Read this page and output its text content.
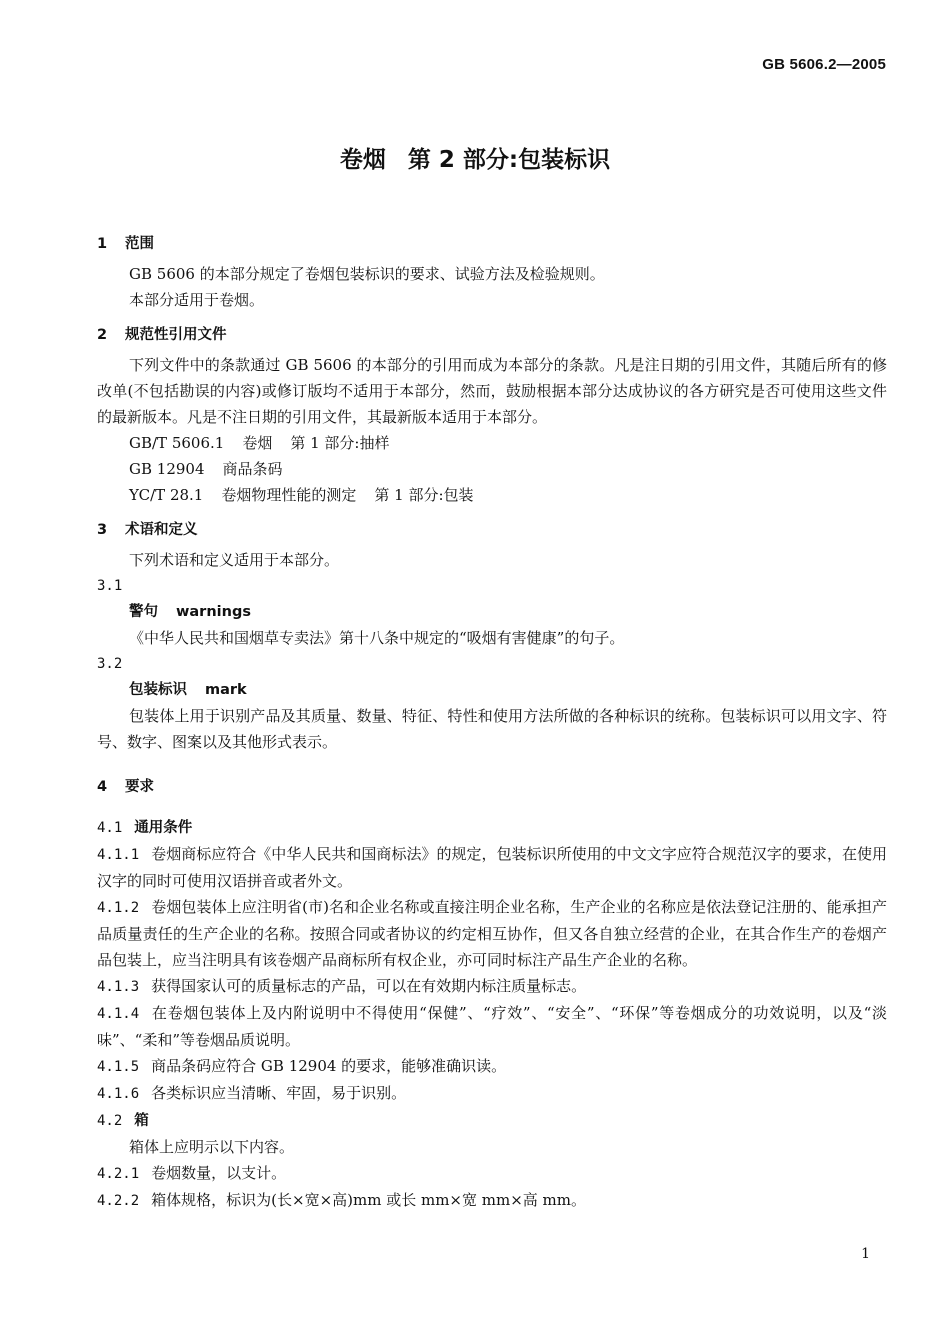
GB 5606.2—2005
卷烟 第 2 部分:包装标识
1 范围
GB 5606 的本部分规定了卷烟包装标识的要求、试验方法及检验规则。
本部分适用于卷烟。
2 规范性引用文件
下列文件中的条款通过 GB 5606 的本部分的引用而成为本部分的条款。凡是注日期的引用文件，其随后所有的修改单(不包括勘误的内容)或修订版均不适用于本部分，然而，鼓励根据本部分达成协议的各方研究是否可使用这些文件的最新版本。凡是不注日期的引用文件，其最新版本适用于本部分。
GB/T 5606.1 卷烟 第 1 部分:抽样
GB 12904 商品条码
YC/T 28.1 卷烟物理性能的测定 第 1 部分:包装
3 术语和定义
下列术语和定义适用于本部分。
3.1
警句 warnings
《中华人民共和国烟草专卖法》第十八条中规定的“吸烟有害健康”的句子。
3.2
包装标识 mark
包装体上用于识别产品及其质量、数量、特征、特性和使用方法所做的各种标识的统称。包装标识可以用文字、符号、数字、图案以及其他形式表示。
4 要求
4.1 通用条件
4.1.1 卷烟商标应符合《中华人民共和国商标法》的规定，包装标识所使用的中文文字应符合规范汉字的要求，在使用汉字的同时可使用汉语拼音或者外文。
4.1.2 卷烟包装体上应注明省(市)名和企业名称或直接注明企业名称，生产企业的名称应是依法登记注册的、能承担产品质量责任的生产企业的名称。按照合同或者协议的约定相互协作，但又各自独立经营的企业，在其合作生产的卷烟产品包装上，应当注明具有该卷烟产品商标所有权企业，亦可同时标注产品生产企业的名称。
4.1.3 获得国家认可的质量标志的产品，可以在有效期内标注质量标志。
4.1.4 在卷烟包装体上及内附说明中不得使用“保健”、“疗效”、“安全”、“环保”等卷烟成分的功效说明，以及“淡味”、“柔和”等卷烟品质说明。
4.1.5 商品条码应符合 GB 12904 的要求，能够准确识读。
4.1.6 各类标识应当清晰、牢固，易于识别。
4.2 箱
箱体上应明示以下内容。
4.2.1 卷烟数量，以支计。
4.2.2 箱体规格，标识为(长×宽×高)mm 或长 mm×宽 mm×高 mm。
1
